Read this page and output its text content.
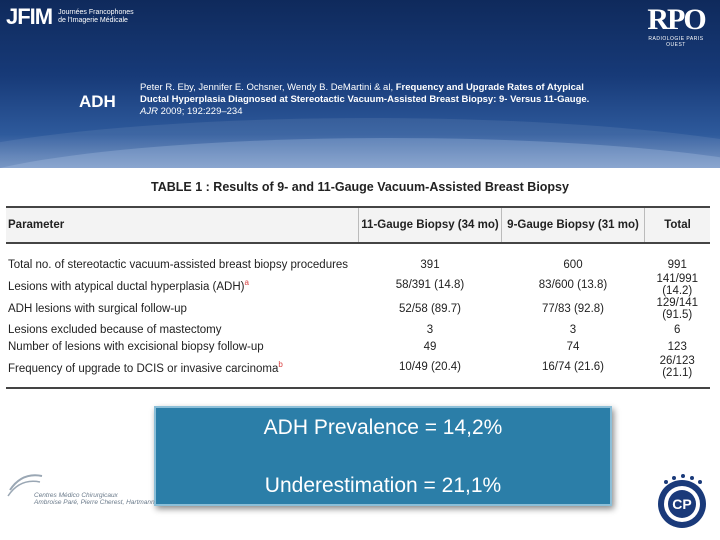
JFIM Journées Francophones
de l'Imagerie Médicale	RPO
RADIOLOGIE PARIS OUEST
ADH
Peter R. Eby, Jennifer E. Ochsner, Wendy B. DeMartini & al, Frequency and Upgrade Rates of Atypical Ductal Hyperplasia Diagnosed at Stereotactic Vacuum-Assisted Breast Biopsy: 9- Versus 11-Gauge. AJR 2009; 192:229–234
TABLE 1 : Results of 9- and 11-Gauge Vacuum-Assisted Breast Biopsy
Parameter	11-Gauge Biopsy (34 mo)	9-Gauge Biopsy (31 mo)	Total
Total no. of stereotactic vacuum-assisted breast biopsy procedures	391	600	991
Lesions with atypical ductal hyperplasia (ADH)$^a$	58/391 (14.8)	83/600 (13.8)	141/991 (14.2)
ADH lesions with surgical follow-up	52/58 (89.7)	77/83 (92.8)	129/141 (91.5)
Lesions excluded because of mastectomy	3	3	6
Number of lesions with excisional biopsy follow-up	49	74	123
Frequency of upgrade to DCIS or invasive carcinoma$^b$	10/49 (20.4)	16/74 (21.6)	26/123 (21.1)
ADH Prevalence = 14,2%
Underestimation = 21,1%
Centres Médico Chirurgicaux
Ambroise Paré, Pierre Cherest, Hartmann	CP
